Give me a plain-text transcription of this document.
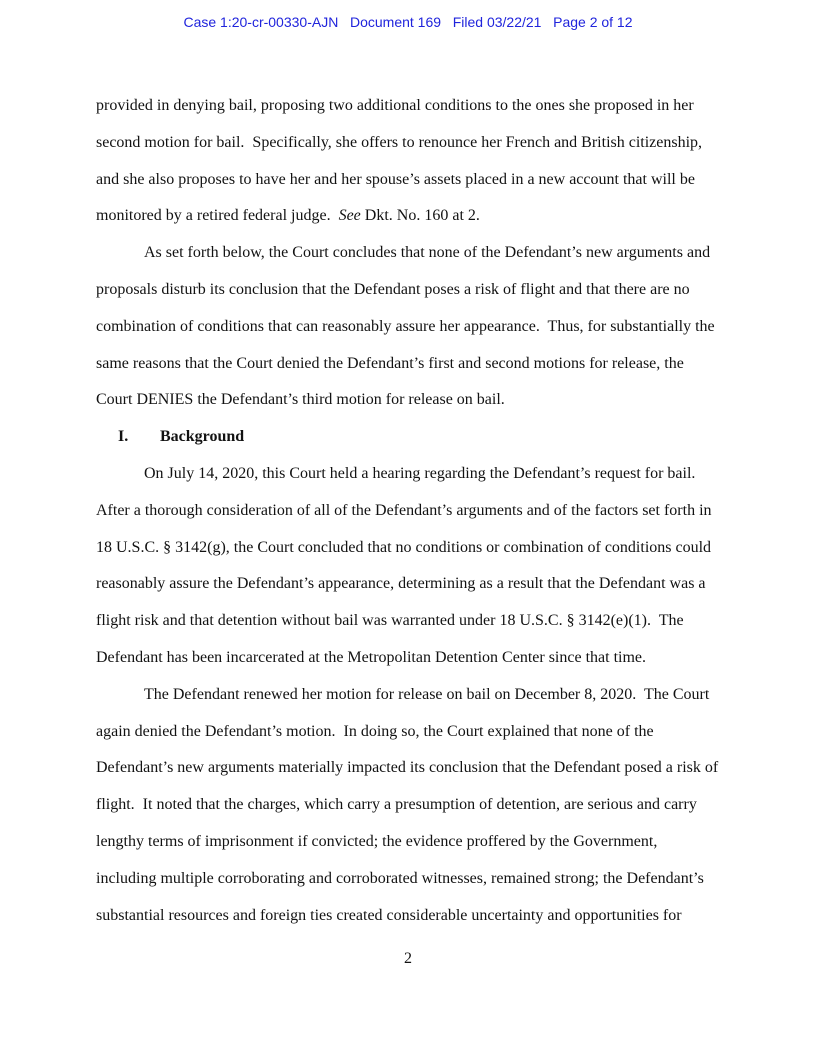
Case 1:20-cr-00330-AJN   Document 169   Filed 03/22/21   Page 2 of 12

provided in denying bail, proposing two additional conditions to the ones she proposed in her second motion for bail.  Specifically, she offers to renounce her French and British citizenship, and she also proposes to have her and her spouse’s assets placed in a new account that will be monitored by a retired federal judge.  See Dkt. No. 160 at 2.

As set forth below, the Court concludes that none of the Defendant’s new arguments and proposals disturb its conclusion that the Defendant poses a risk of flight and that there are no combination of conditions that can reasonably assure her appearance.  Thus, for substantially the same reasons that the Court denied the Defendant’s first and second motions for release, the Court DENIES the Defendant’s third motion for release on bail.

I. Background

On July 14, 2020, this Court held a hearing regarding the Defendant’s request for bail.  After a thorough consideration of all of the Defendant’s arguments and of the factors set forth in 18 U.S.C. § 3142(g), the Court concluded that no conditions or combination of conditions could reasonably assure the Defendant’s appearance, determining as a result that the Defendant was a flight risk and that detention without bail was warranted under 18 U.S.C. § 3142(e)(1).  The Defendant has been incarcerated at the Metropolitan Detention Center since that time.

The Defendant renewed her motion for release on bail on December 8, 2020.  The Court again denied the Defendant’s motion.  In doing so, the Court explained that none of the Defendant’s new arguments materially impacted its conclusion that the Defendant posed a risk of flight.  It noted that the charges, which carry a presumption of detention, are serious and carry lengthy terms of imprisonment if convicted; the evidence proffered by the Government, including multiple corroborating and corroborated witnesses, remained strong; the Defendant’s substantial resources and foreign ties created considerable uncertainty and opportunities for

2
